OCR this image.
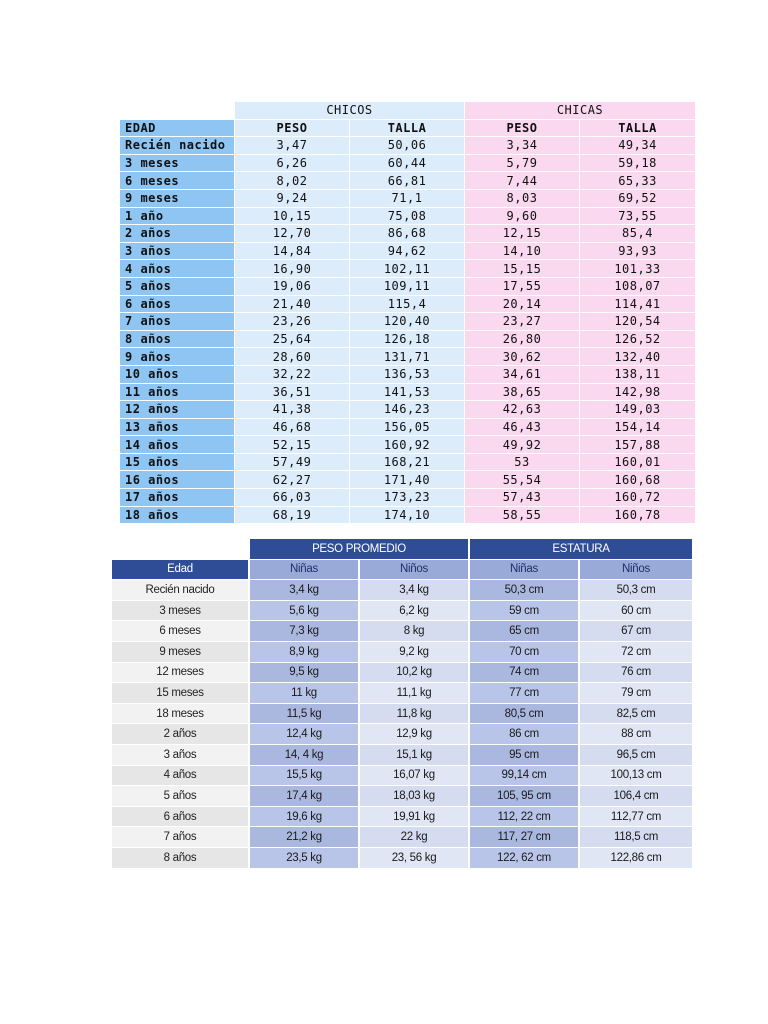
CHICOS	CHICAS
EDAD	PESO	TALLA	PESO	TALLA
Recién nacido	3,47	50,06	3,34	49,34
3 meses	6,26	60,44	5,79	59,18
6 meses	8,02	66,81	7,44	65,33
9 meses	9,24	71,1	8,03	69,52
1 año	10,15	75,08	9,60	73,55
2 años	12,70	86,68	12,15	85,4
3 años	14,84	94,62	14,10	93,93
4 años	16,90	102,11	15,15	101,33
5 años	19,06	109,11	17,55	108,07
6 años	21,40	115,4	20,14	114,41
7 años	23,26	120,40	23,27	120,54
8 años	25,64	126,18	26,80	126,52
9 años	28,60	131,71	30,62	132,40
10 años	32,22	136,53	34,61	138,11
11 años	36,51	141,53	38,65	142,98
12 años	41,38	146,23	42,63	149,03
13 años	46,68	156,05	46,43	154,14
14 años	52,15	160,92	49,92	157,88
15 años	57,49	168,21	53	160,01
16 años	62,27	171,40	55,54	160,68
17 años	66,03	173,23	57,43	160,72
18 años	68,19	174,10	58,55	160,78
PESO PROMEDIO	ESTATURA
Edad	Niñas	Niños	Niñas	Niños
Recién nacido	3,4 kg	3,4 kg	50,3 cm	50,3 cm
3 meses	5,6 kg	6,2 kg	59 cm	60 cm
6 meses	7,3 kg	8 kg	65 cm	67 cm
9 meses	8,9 kg	9,2 kg	70 cm	72 cm
12 meses	9,5 kg	10,2 kg	74 cm	76 cm
15 meses	11 kg	11,1 kg	77 cm	79 cm
18 meses	11,5 kg	11,8 kg	80,5 cm	82,5 cm
2 años	12,4 kg	12,9 kg	86 cm	88 cm
3 años	14, 4 kg	15,1 kg	95 cm	96,5 cm
4 años	15,5 kg	16,07 kg	99,14 cm	100,13 cm
5 años	17,4 kg	18,03 kg	105, 95 cm	106,4 cm
6 años	19,6 kg	19,91 kg	112, 22 cm	112,77 cm
7 años	21,2 kg	22 kg	117, 27 cm	118,5 cm
8 años	23,5 kg	23, 56 kg	122, 62 cm	122,86 cm
